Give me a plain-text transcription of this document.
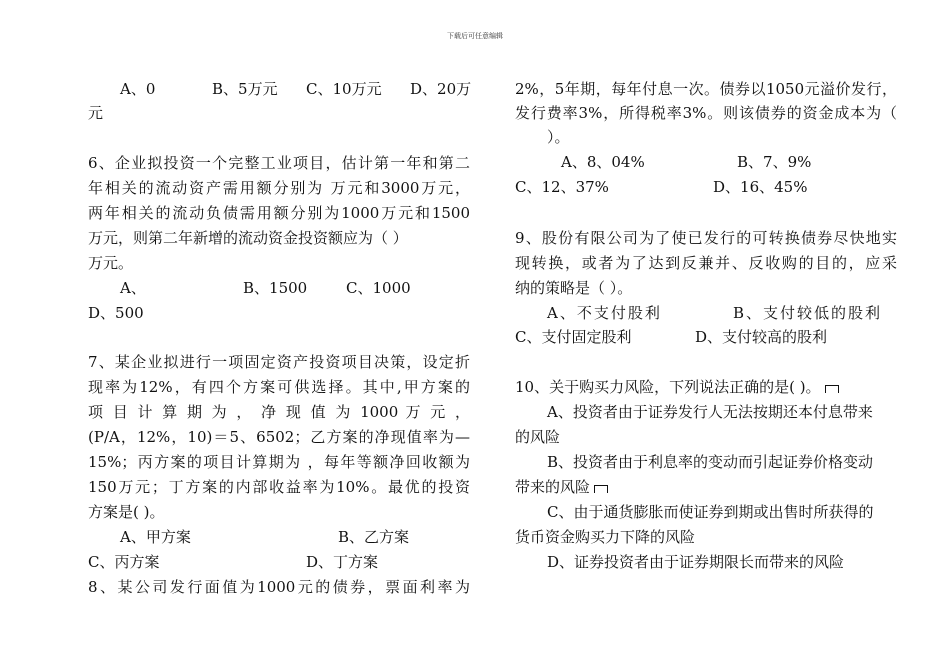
下载后可任意编辑
A、0	B、5万元 C、10万元 D、20万
元
6、企业拟投资一个完整工业项目，估计第一年和第二
年相关的流动资产需用额分别为 万元和3000万元，
两年相关的流动负债需用额分别为1000万元和1500
万元，则第二年新增的流动资金投资额应为（ ）
万元。
A、	B、1500	C、1000
D、500
7、某企业拟进行一项固定资产投资项目决策，设定折
现率为12%，有四个方案可供选择。其中,甲方案的
项 目 计 算 期 为 ， 净 现 值 为 1000 万 元 ，
(P/A，12%，10)＝5、6502；乙方案的净现值率为—
15%；丙方案的项目计算期为 ，每年等额净回收额为
150万元；丁方案的内部收益率为10%。最优的投资
方案是( )。
A、甲方案	B、乙方案
C、丙方案	D、丁方案
8、某公司发行面值为1000元的债券，票面利率为
2%，5年期，每年付息一次。债券以1050元溢价发行，
发行费率3%，所得税率3%。则该债券的资金成本为（
）。
A、8、04%	B、7、9%
C、12、37%	D、16、45%
9、股份有限公司为了使已发行的可转换债券尽快地实
现转换，或者为了达到反兼并、反收购的目的，应采
纳的策略是（ ）。
A、不支付股利	B、支付较低的股利
C、支付固定股利	D、支付较高的股利
10、关于购买力风险，下列说法正确的是( )。
A、投资者由于证券发行人无法按期还本付息带来
的风险
B、投资者由于利息率的变动而引起证券价格变动
带来的风险
C、由于通货膨胀而使证券到期或出售时所获得的
货币资金购买力下降的风险
D、证券投资者由于证券期限长而带来的风险
